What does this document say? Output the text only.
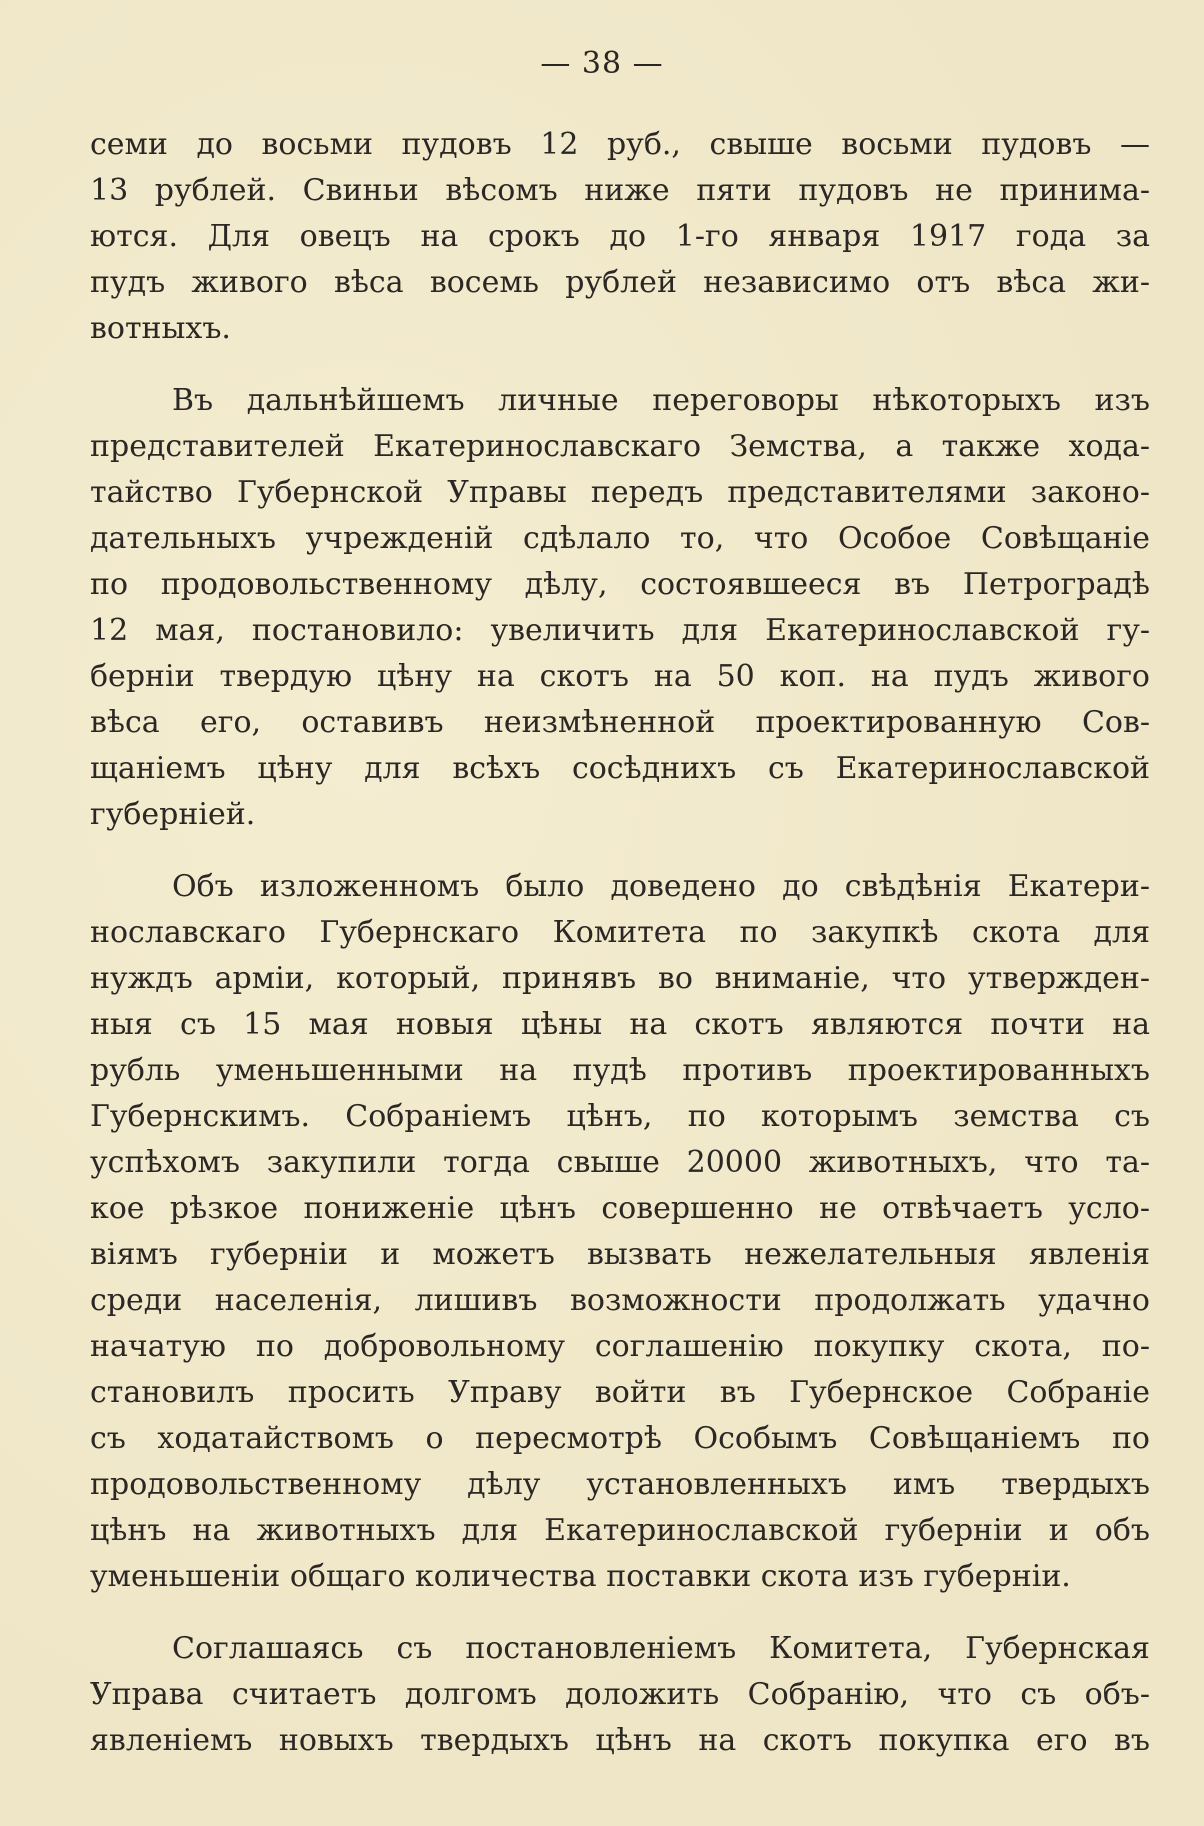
— 38 —
семи до восьми пудовъ 12 руб., свыше восьми пудовъ —
13 рублей. Свиньи вѣсомъ ниже пяти пудовъ не принима-
ются. Для овецъ на срокъ до 1-го января 1917 года за
пудъ живого вѣса восемь рублей независимо отъ вѣса жи-
вотныхъ.
Въ дальнѣйшемъ личные переговоры нѣкоторыхъ изъ
представителей Екатеринославскаго Земства, а также хода-
тайство Губернской Управы передъ представителями законо-
дательныхъ учрежденій сдѣлало то, что Особое Совѣщаніе
по продовольственному дѣлу, состоявшееся въ Петроградѣ
12 мая, постановило: увеличить для Екатеринославской гу-
берніи твердую цѣну на скотъ на 50 коп. на пудъ живого
вѣса его, оставивъ неизмѣненной проектированную Сов-
щаніемъ цѣну для всѣхъ сосѣднихъ съ Екатеринославской
губерніей.
Объ изложенномъ было доведено до свѣдѣнія Екатери-
нославскаго Губернскаго Комитета по закупкѣ скота для
нуждъ арміи, который, принявъ во вниманіе, что утвержден-
ныя съ 15 мая новыя цѣны на скотъ являются почти на
рубль уменьшенными на пудѣ противъ проектированныхъ
Губернскимъ. Собраніемъ цѣнъ, по которымъ земства съ
успѣхомъ закупили тогда свыше 20000 животныхъ, что та-
кое рѣзкое пониженіе цѣнъ совершенно не отвѣчаетъ усло-
віямъ губерніи и можетъ вызвать нежелательныя явленія
среди населенія, лишивъ возможности продолжать удачно
начатую по добровольному соглашенію покупку скота, по-
становилъ просить Управу войти въ Губернское Собраніе
съ ходатайствомъ о пересмотрѣ Особымъ Совѣщаніемъ по
продовольственному дѣлу установленныхъ имъ твердыхъ
цѣнъ на животныхъ для Екатеринославской губерніи и объ
уменьшеніи общаго количества поставки скота изъ губерніи.
Соглашаясь съ постановленіемъ Комитета, Губернская
Управа считаетъ долгомъ доложить Собранію, что съ объ-
явленіемъ новыхъ твердыхъ цѣнъ на скотъ покупка его въ
